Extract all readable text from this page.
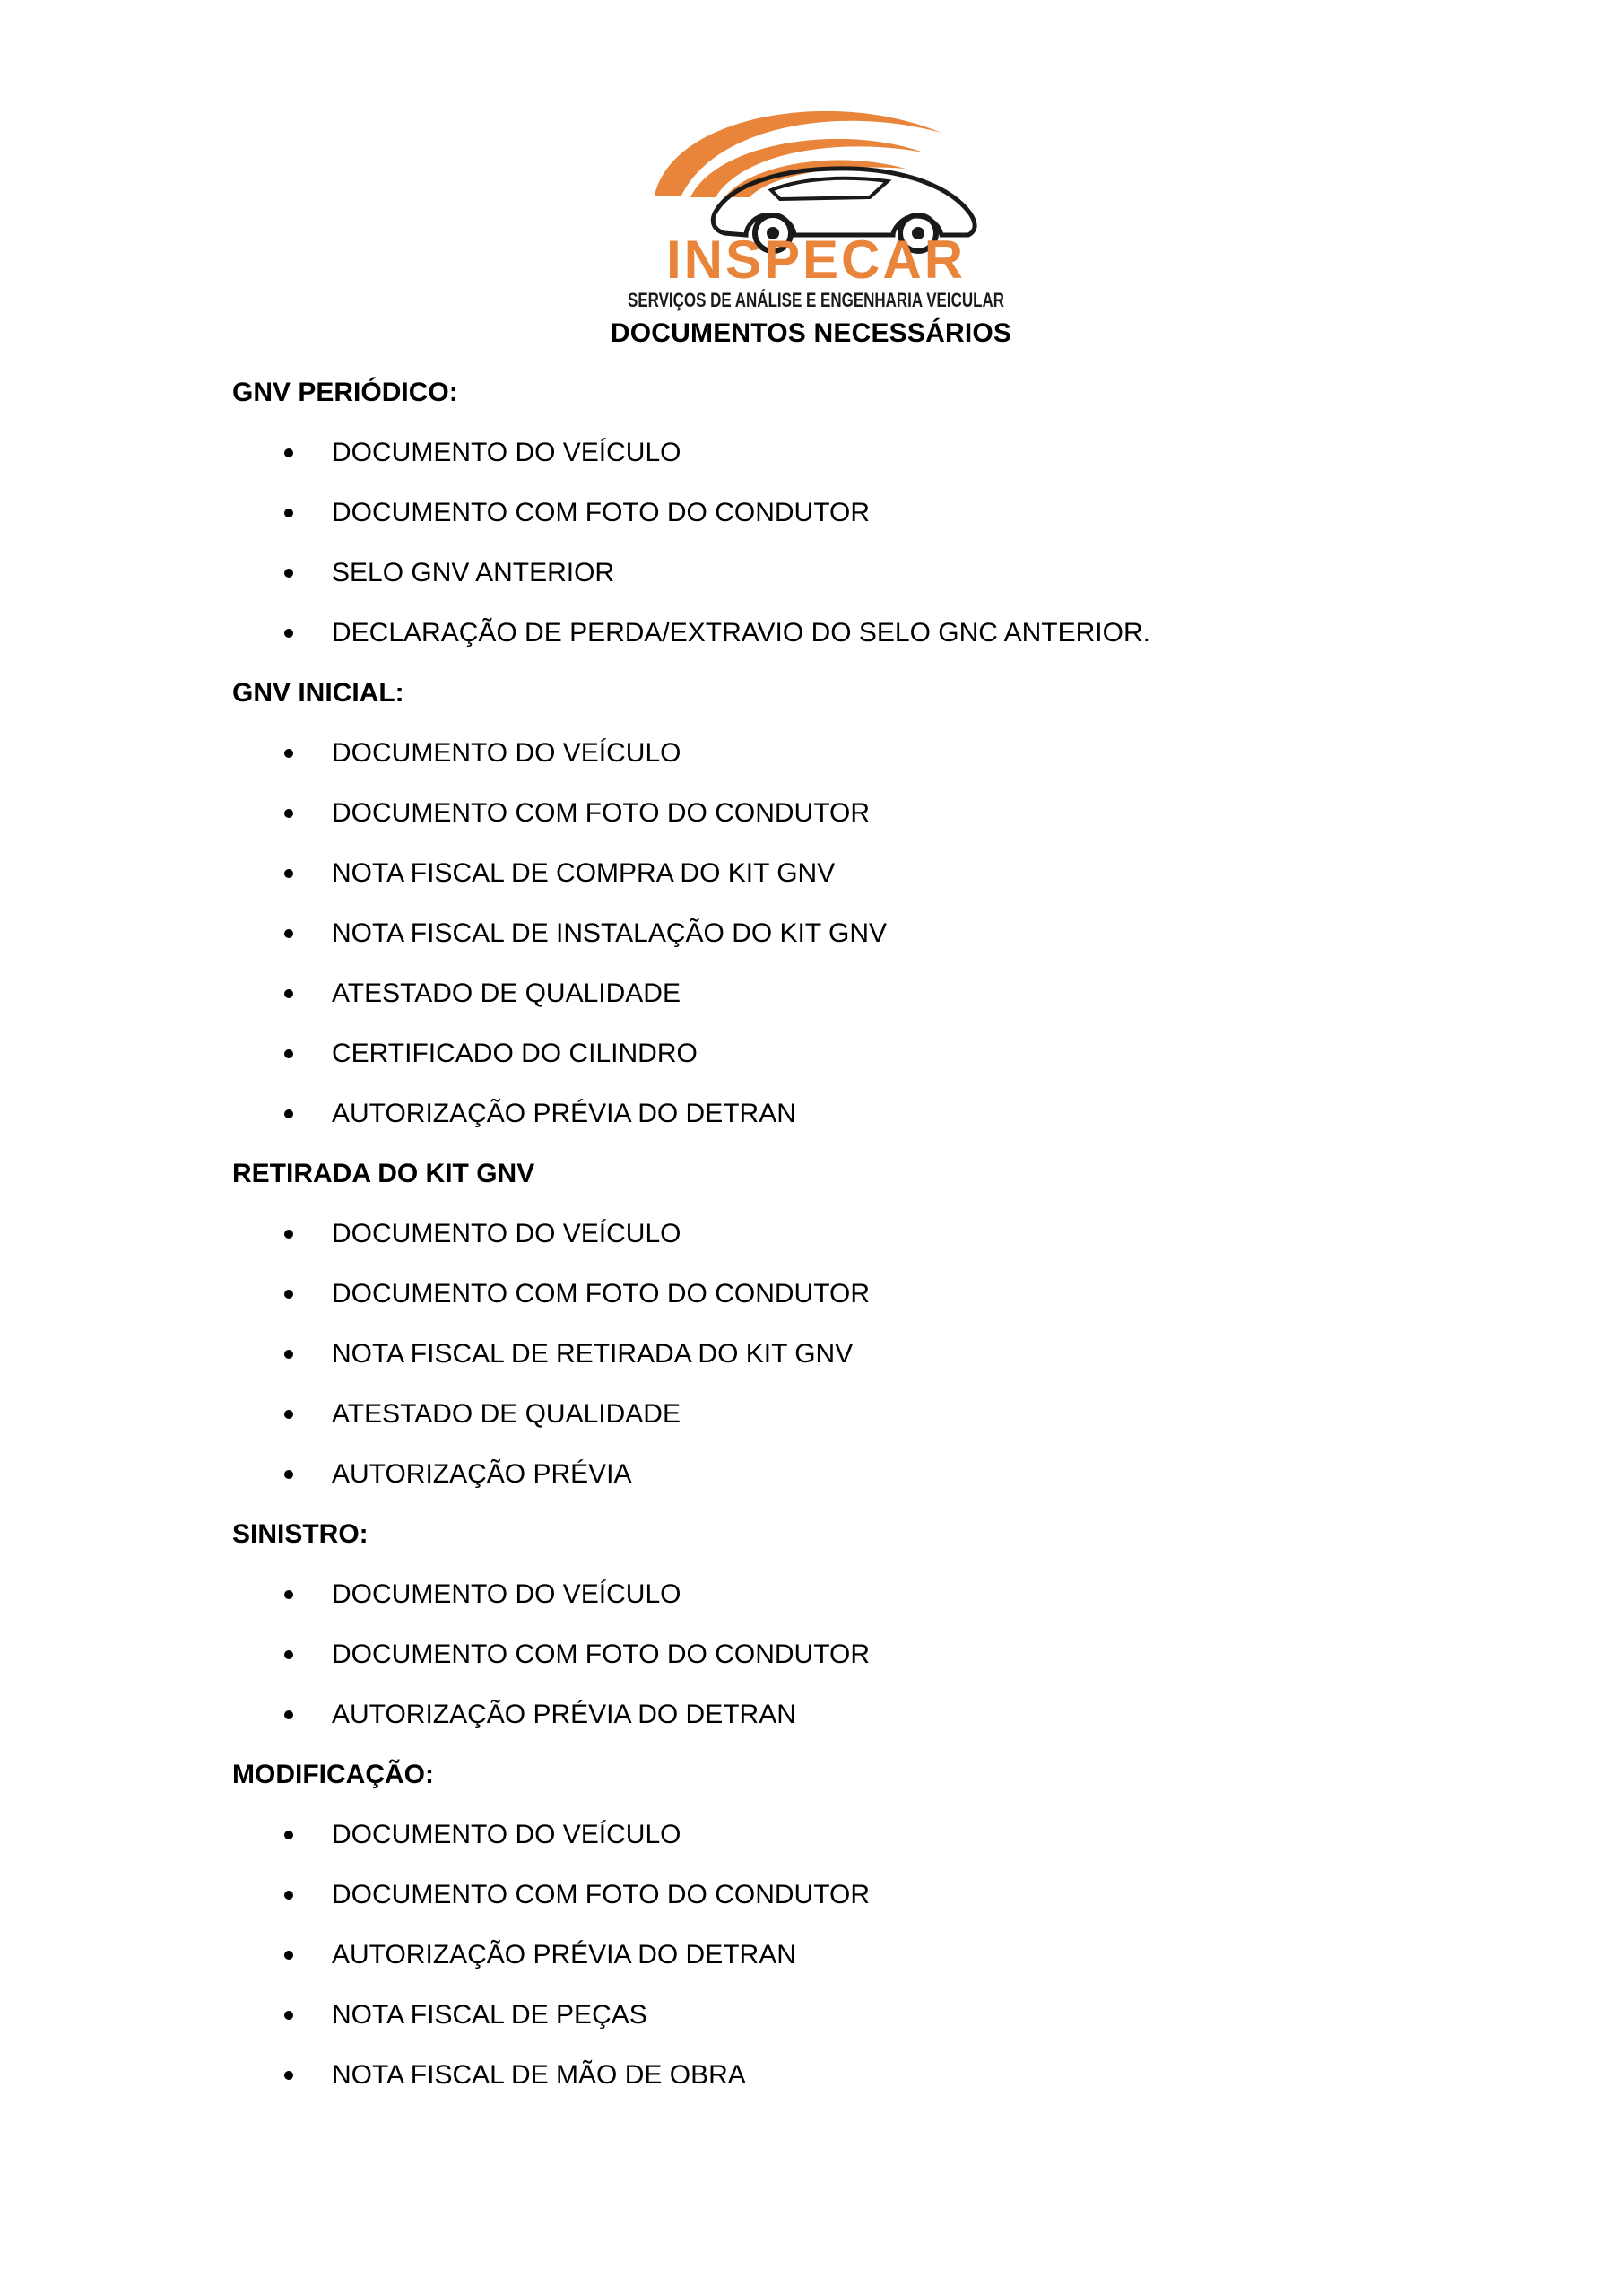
INSPECAR
SERVIÇOS DE ANÁLISE E ENGENHARIA VEICULAR
DOCUMENTOS NECESSÁRIOS
GNV PERIÓDICO:
DOCUMENTO DO VEÍCULO
DOCUMENTO COM FOTO DO CONDUTOR
SELO GNV ANTERIOR
DECLARAÇÃO DE PERDA/EXTRAVIO DO SELO GNC ANTERIOR.
GNV INICIAL:
DOCUMENTO DO VEÍCULO
DOCUMENTO COM FOTO DO CONDUTOR
NOTA FISCAL DE COMPRA DO KIT GNV
NOTA FISCAL DE INSTALAÇÃO DO KIT GNV
ATESTADO DE QUALIDADE
CERTIFICADO DO CILINDRO
AUTORIZAÇÃO PRÉVIA DO DETRAN
RETIRADA DO KIT GNV
DOCUMENTO DO VEÍCULO
DOCUMENTO COM FOTO DO CONDUTOR
NOTA FISCAL DE RETIRADA DO KIT GNV
ATESTADO DE QUALIDADE
AUTORIZAÇÃO PRÉVIA
SINISTRO:
DOCUMENTO DO VEÍCULO
DOCUMENTO COM FOTO DO CONDUTOR
AUTORIZAÇÃO PRÉVIA DO DETRAN
MODIFICAÇÃO:
DOCUMENTO DO VEÍCULO
DOCUMENTO COM FOTO DO CONDUTOR
AUTORIZAÇÃO PRÉVIA DO DETRAN
NOTA FISCAL DE PEÇAS
NOTA FISCAL DE MÃO DE OBRA
